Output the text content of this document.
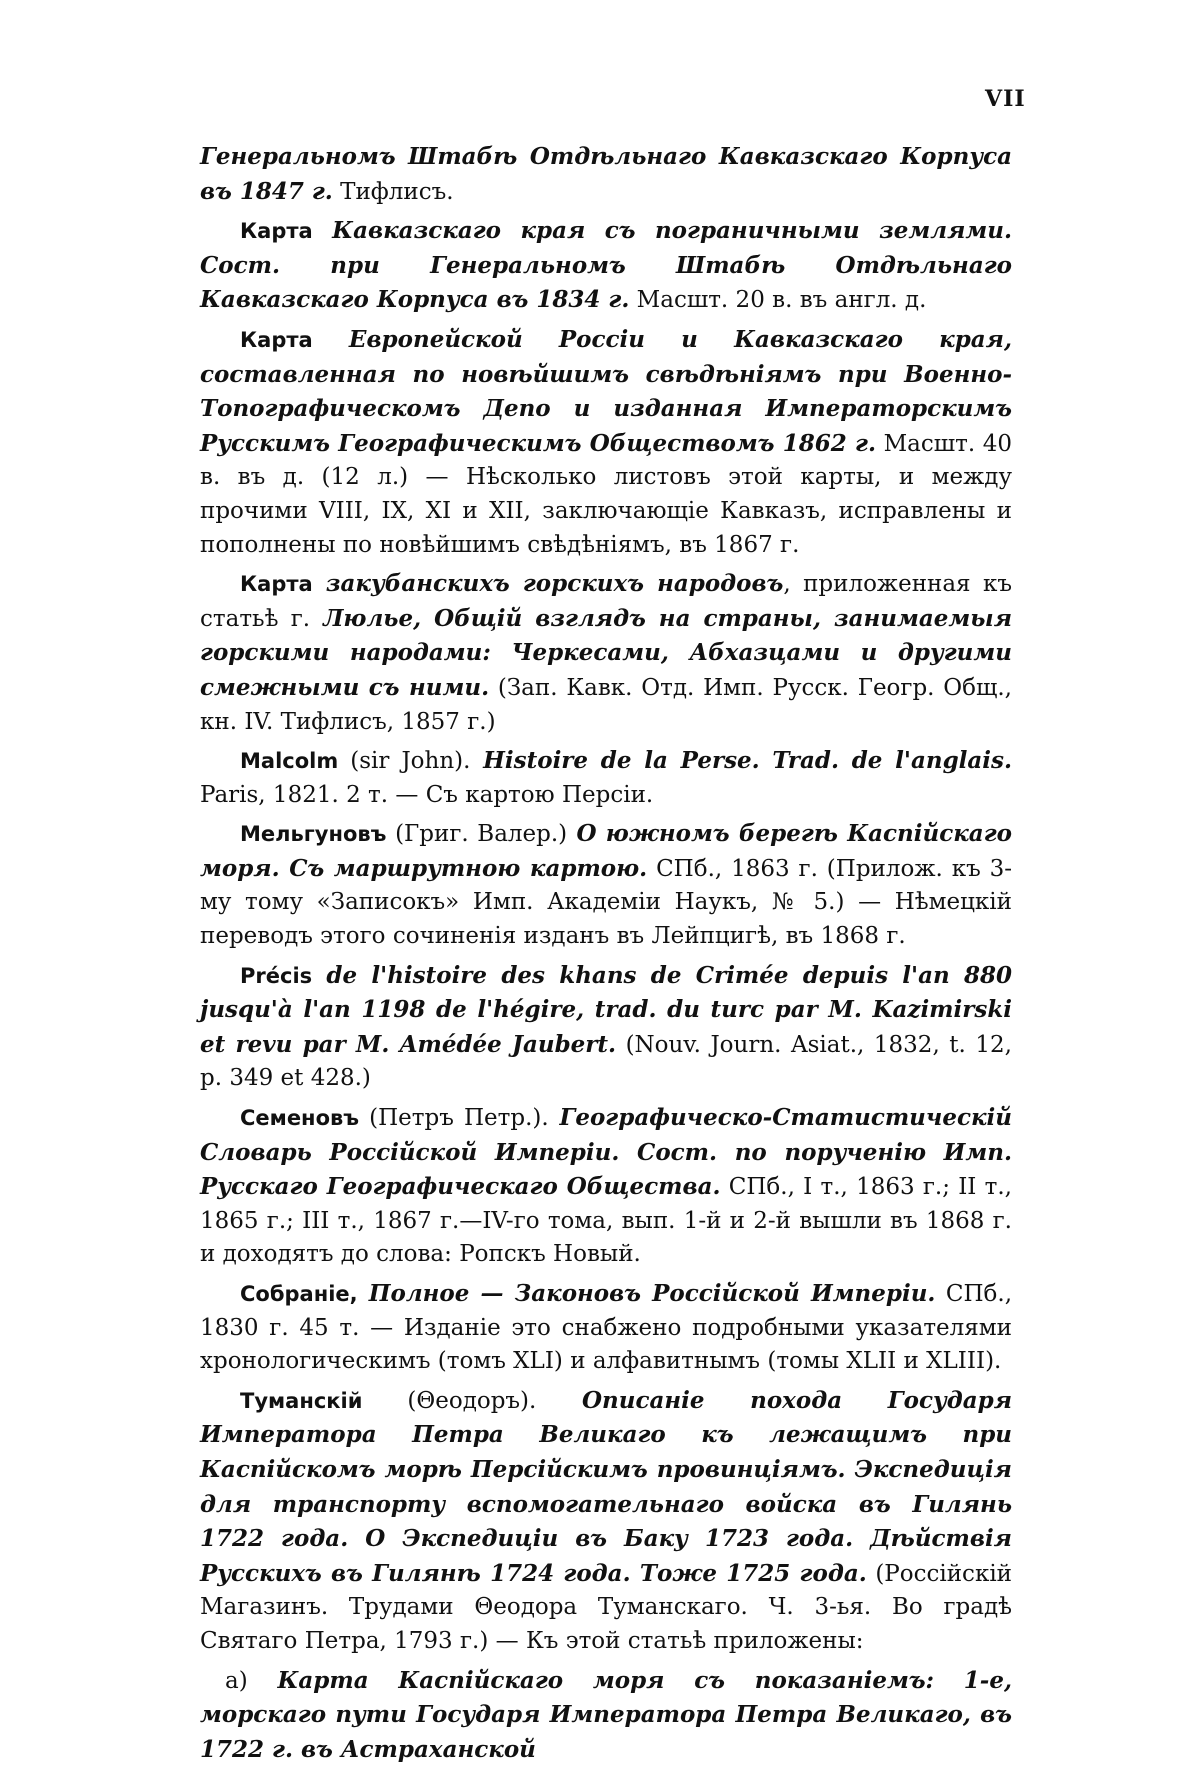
VII

Генеральномъ Штабѣ Отдѣльнаго Кавказскаго Корпуса въ 1847 г. Тифлисъ.

Карта Кавказскаго края съ пограничными землями. Сост. при Генеральномъ Штабѣ Отдѣльнаго Кавказскаго Корпуса въ 1834 г. Масшт. 20 в. въ англ. д.

Карта Европейской Россіи и Кавказскаго края, составленная по новѣйшимъ свѣдѣніямъ при Военно-Топографическомъ Депо и изданная Императорскимъ Русскимъ Географическимъ Обществомъ 1862 г. Масшт. 40 в. въ д. (12 л.) — Нѣсколько листовъ этой карты, и между прочими VIII, IX, XI и XII, заключающіе Кавказъ, исправлены и пополнены по новѣйшимъ свѣдѣніямъ, въ 1867 г.

Карта закубанскихъ горскихъ народовъ, приложенная къ статьѣ г. Люлье, Общій взглядъ на страны, занимаемыя горскими народами: Черкесами, Абхазцами и другими смежными съ ними. (Зап. Кавк. Отд. Имп. Русск. Геогр. Общ., кн. IV. Тифлисъ, 1857 г.)

Malcolm (sir John). Histoire de la Perse. Trad. de l'anglais. Paris, 1821. 2 т. — Съ картою Персіи.

Мельгуновъ (Григ. Валер.) О южномъ берегѣ Каспійскаго моря. Съ маршрутною картою. СПб., 1863 г. (Прилож. къ 3-му тому «Записокъ» Имп. Академіи Наукъ, № 5.) — Нѣмецкій переводъ этого сочиненія изданъ въ Лейпцигѣ, въ 1868 г.

Précis de l'histoire des khans de Crimée depuis l'an 880 jusqu'à l'an 1198 de l'hégire, trad. du turc par M. Kazimirski et revu par M. Amédée Jaubert. (Nouv. Journ. Asiat., 1832, t. 12, p. 349 et 428.)

Семеновъ (Петръ Петр.). Географическо-Статистическій Словарь Россійской Имперіи. Сост. по порученію Имп. Русскаго Географическаго Общества. СПб., I т., 1863 г.; II т., 1865 г.; III т., 1867 г.—IV-го тома, вып. 1-й и 2-й вышли въ 1868 г. и доходятъ до слова: Ропскъ Новый.

Собраніе, Полное — Законовъ Россійской Имперіи. СПб., 1830 г. 45 т. — Изданіе это снабжено подробными указателями хронологическимъ (томъ XLI) и алфавитнымъ (томы XLII и XLIII).

Туманскій (Θеодоръ). Описаніе похода Государя Императора Петра Великаго къ лежащимъ при Каспійскомъ морѣ Персійскимъ провинціямъ. Экспедиція для транспорту вспомогательнаго войска въ Гилянь 1722 года. О Экспедиціи въ Баку 1723 года. Дѣйствія Русскихъ въ Гилянѣ 1724 года. Тоже 1725 года. (Россійскій Магазинъ. Трудами Θеодора Туманскаго. Ч. 3-ья. Во градѣ Святаго Петра, 1793 г.) — Къ этой статьѣ приложены:

а) Карта Каспійскаго моря съ показаніемъ: 1-е, морскаго пути Государя Императора Петра Великаго, въ 1722 г. въ Астраханской
